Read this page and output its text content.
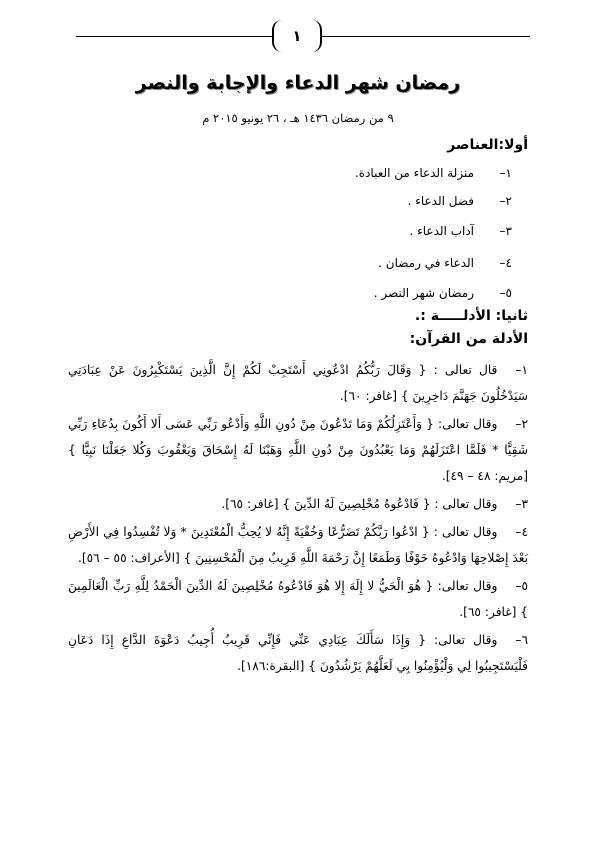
١
رمضان شهر الدعاء والإجابة والنصر
٩ من رمضان ١٤٣٦ هـ ، ٢٦ يونيو ٢٠١٥ م
أولا:العناصر
١–
منزلة الدعاء من العبادة.
٢–
فضل الدعاء .
٣–
آداب الدعاء .
٤–
الدعاء في رمضان .
٥–
رمضان شهر النصر .
ثانيا: الأدلـــــة :.
الأدلة من القرآن:

١–قال تعالى : { وَقَالَ رَبُّكُمُ ادْعُونِي أَسْتَجِبْ لَكُمْ إِنَّ الَّذِينَ يَسْتَكْبِرُونَ عَنْ عِبَادَتِي سَيَدْخُلُونَ جَهَنَّمَ دَاخِرِينَ } [غافر: ٦٠].

٢–وقال تعالى: { وَأَعْتَزِلُكُمْ وَمَا تَدْعُونَ مِنْ دُونِ اللَّهِ وَأَدْعُو رَبِّي عَسَى أَلا أَكُونَ بِدُعَاءِ رَبِّي شَقِيًّا * فَلَمَّا اعْتَزَلَهُمْ وَمَا يَعْبُدُونَ مِنْ دُونِ اللَّهِ وَهَبْنَا لَهُ إِسْحَاقَ وَيَعْقُوبَ وَكُلا جَعَلْنَا نَبِيًّا } [مريم: ٤٨ – ٤٩].

٣–وقال تعالى : { فَادْعُوهُ مُخْلِصِينَ لَهُ الدِّينَ } [غافر: ٦٥].

٤–وقال تعالى : { ادْعُوا رَبَّكُمْ تَضَرُّعًا وَخُفْيَةً إِنَّهُ لا يُحِبُّ الْمُعْتَدِينَ * وَلا تُفْسِدُوا فِي الأَرْضِ بَعْدَ إِصْلاحِهَا وَادْعُوهُ خَوْفًا وَطَمَعًا إِنَّ رَحْمَةَ اللَّهِ قَرِيبٌ مِنَ الْمُحْسِنِينَ } [الأعراف: ٥٥ – ٥٦].

٥–وقال تعالى: { هُوَ الْحَيُّ لا إِلَهَ إِلا هُوَ فَادْعُوهُ مُخْلِصِينَ لَهُ الدِّينَ الْحَمْدُ لِلَّهِ رَبِّ الْعَالَمِينَ } [غافر: ٦٥].

٦–وقال تعالى: { وَإِذَا سَأَلَكَ عِبَادِي عَنِّي فَإِنِّي قَرِيبٌ أُجِيبُ دَعْوَةَ الدَّاعِ إِذَا دَعَانِ فَلْيَسْتَجِيبُوا لِي وَلْيُؤْمِنُوا بِي لَعَلَّهُمْ يَرْشُدُونَ } [البقرة:١٨٦].
